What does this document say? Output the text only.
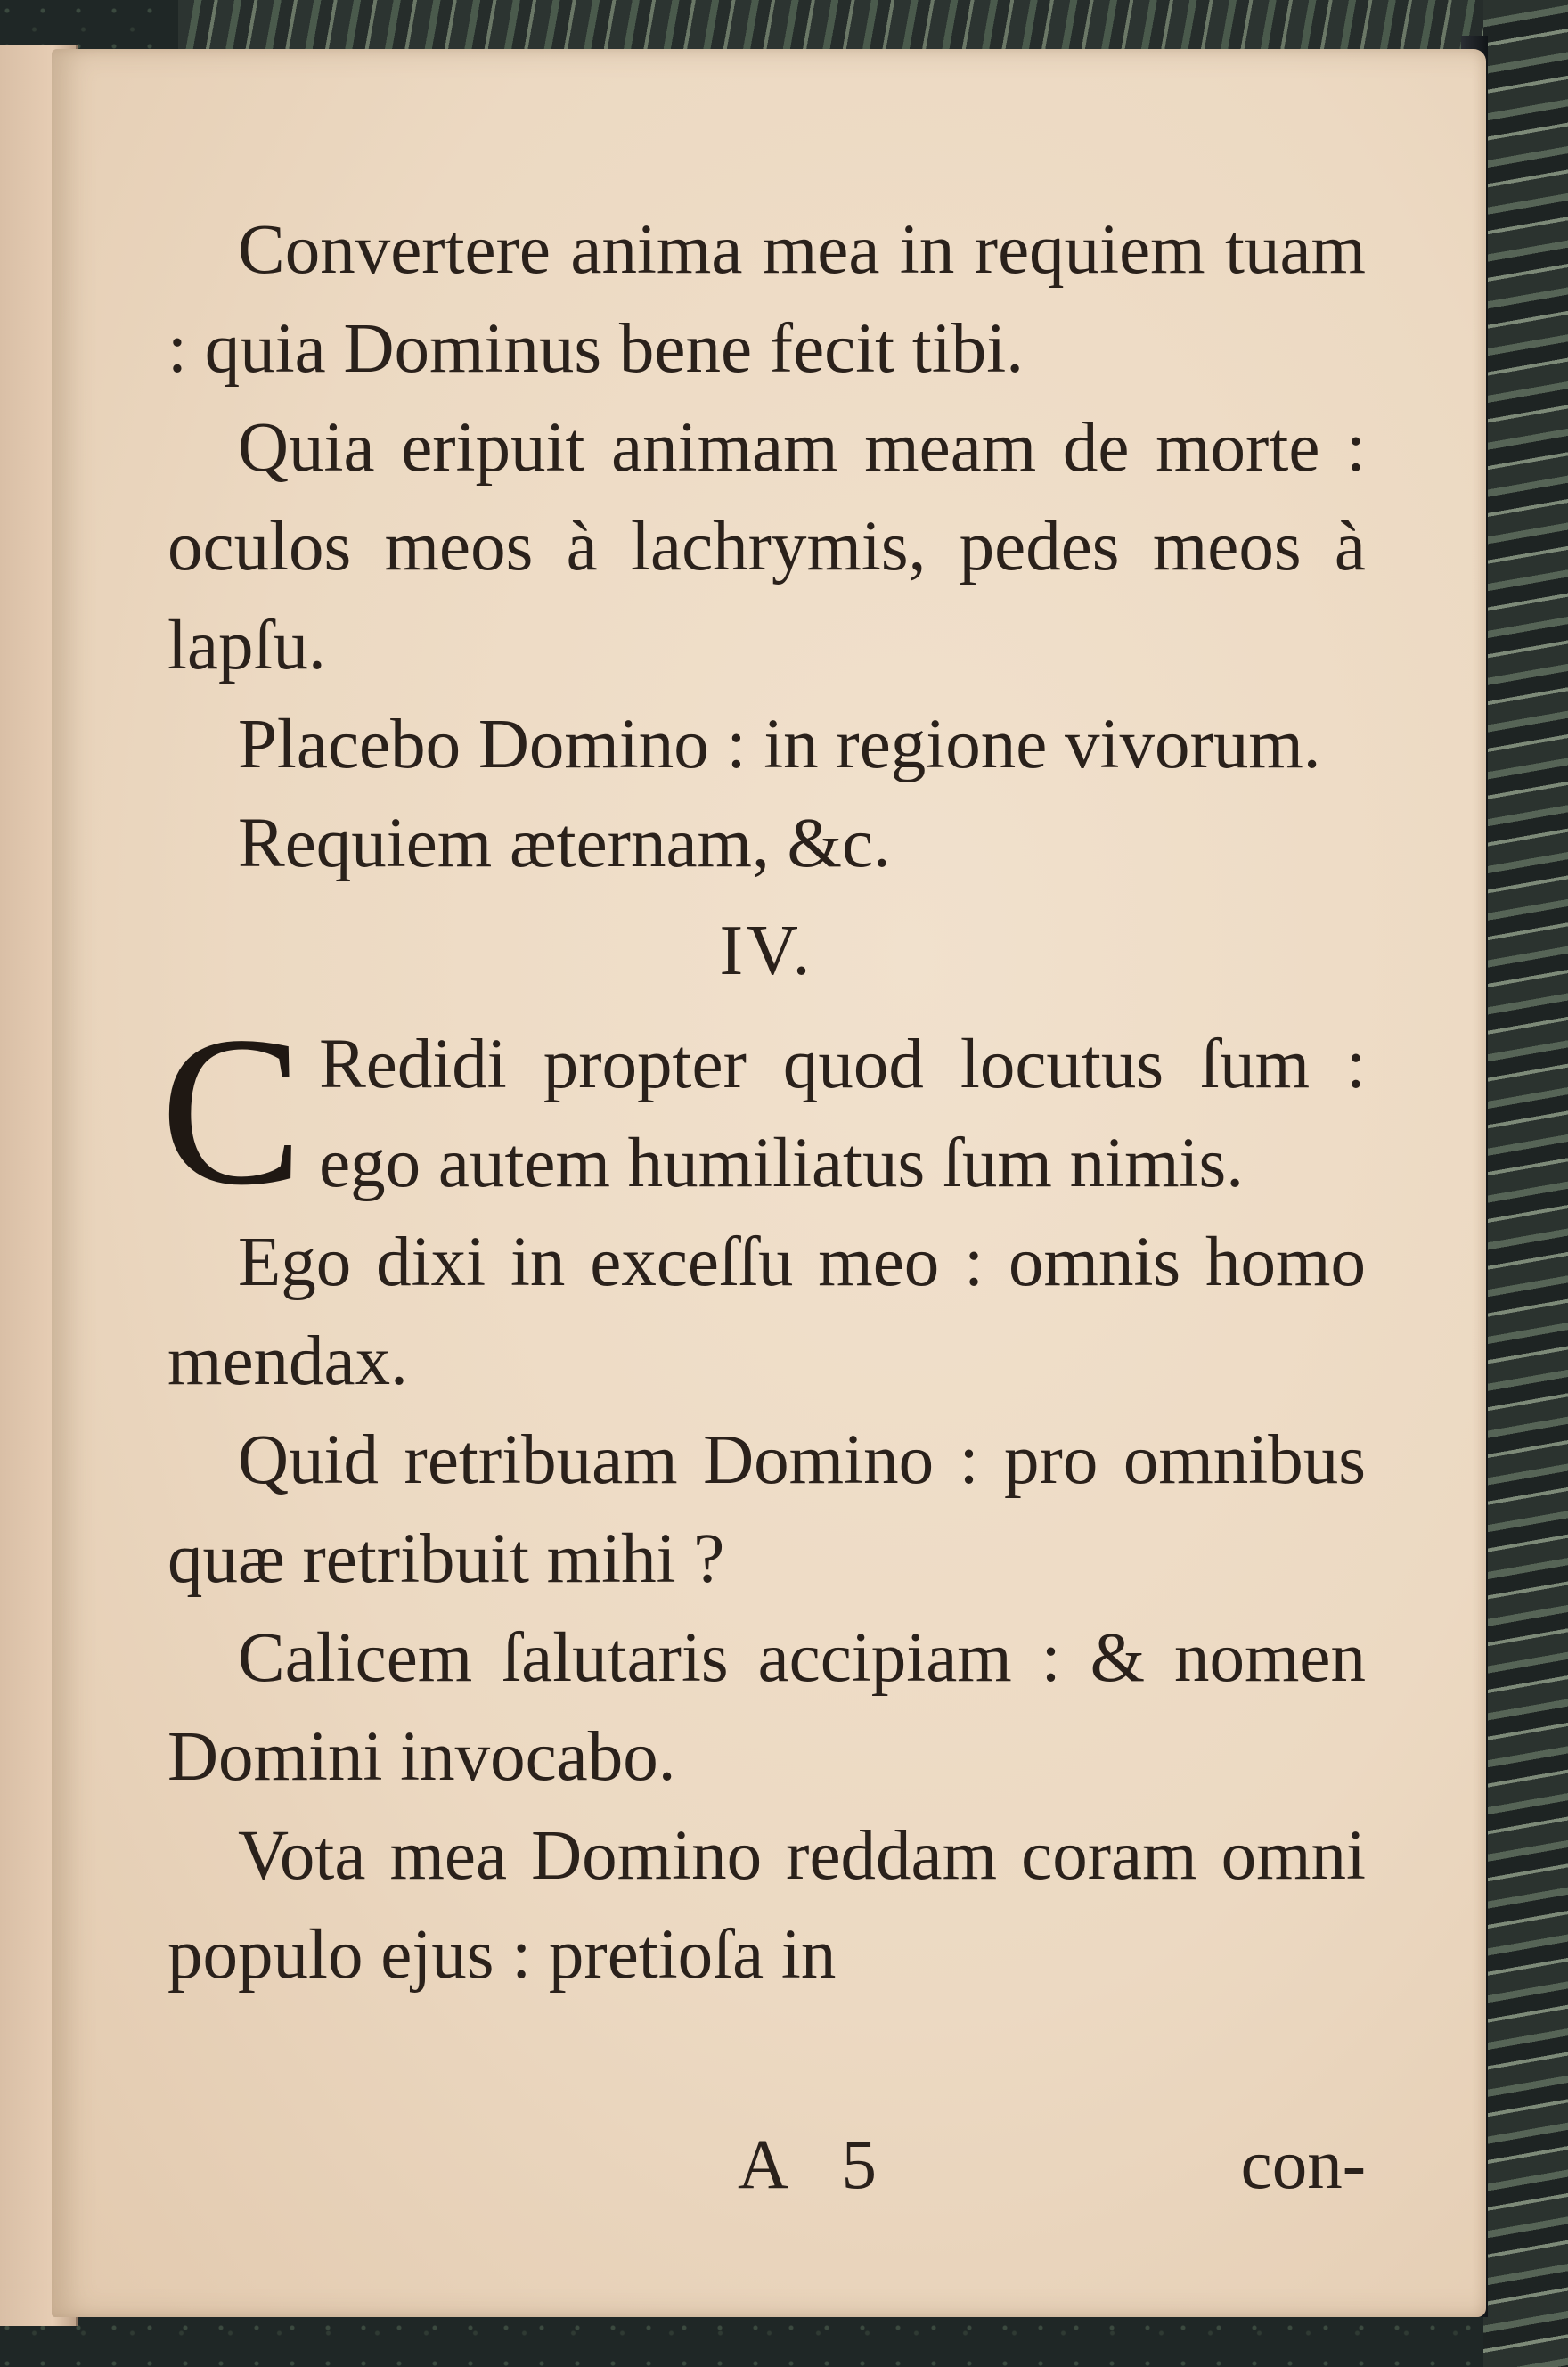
Convertere anima mea in requiem tuam : quia Dominus bene fecit tibi.

Quia eripuit animam meam de morte : oculos meos à lachrymis, pedes meos à lapſu.

Placebo Domino : in regione vivorum.

Requiem æternam, &c.

IV.

C Redidi propter quod locutus ſum : ego autem humiliatus ſum nimis.

Ego dixi in exceſſu meo : omnis homo mendax.

Quid retribuam Domino : pro omnibus quæ retribuit mihi ?

Calicem ſalutaris accipiam : & nomen Domini invocabo.

Vota mea Domino reddam coram omni populo ejus : pretioſa in

A 5	con-
